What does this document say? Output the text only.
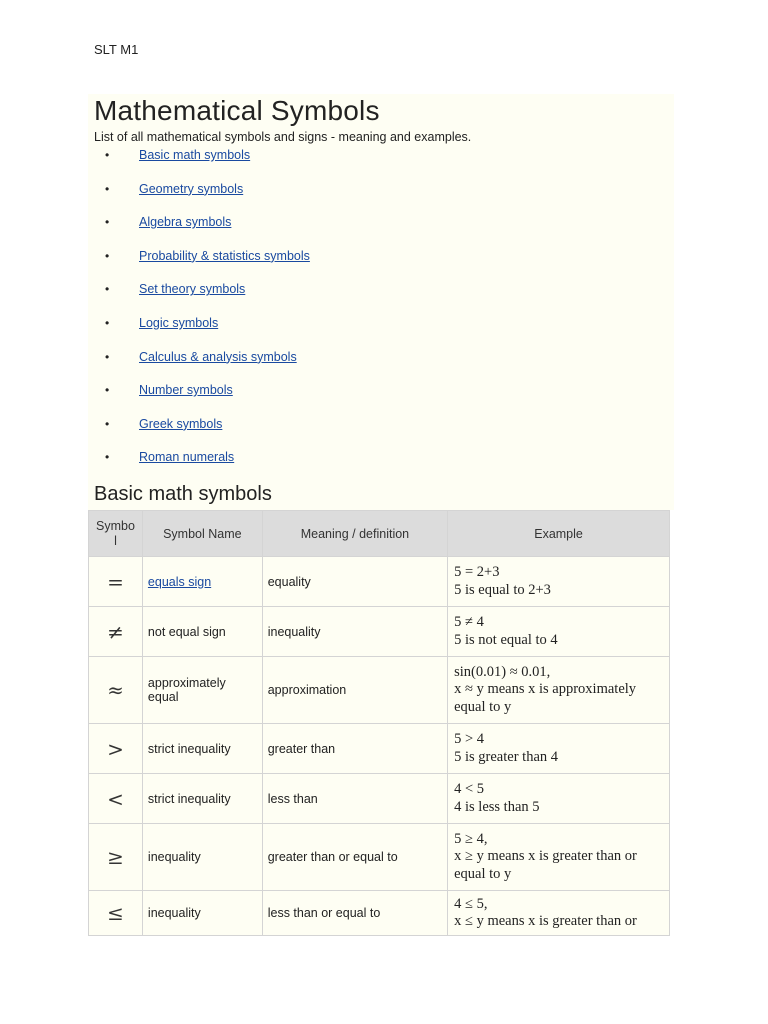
SLT M1
Mathematical Symbols

List of all mathematical symbols and signs - meaning and examples.

• Basic math symbols
• Geometry symbols
• Algebra symbols
• Probability & statistics symbols
• Set theory symbols
• Logic symbols
• Calculus & analysis symbols
• Number symbols
• Greek symbols
• Roman numerals
Basic math symbols
Symbo
l	Symbol Name	Meaning / definition	Example
=	equals sign	equality	5 = 2+3
5 is equal to 2+3

≠	not equal sign	inequality	5 ≠ 4
5 is not equal to 4

≈	approximately equal	approximation	sin(0.01) ≈ 0.01,
x ≈ y means x is approximately
equal to y

>	strict inequality	greater than	5 > 4
5 is greater than 4

<	strict inequality	less than	4 < 5
4 is less than 5

≥	inequality	greater than or equal to	5 ≥ 4,
x ≥ y means x is greater than or
equal to y

≤	inequality	less than or equal to	4 ≤ 5,
x ≤ y means x is greater than or
